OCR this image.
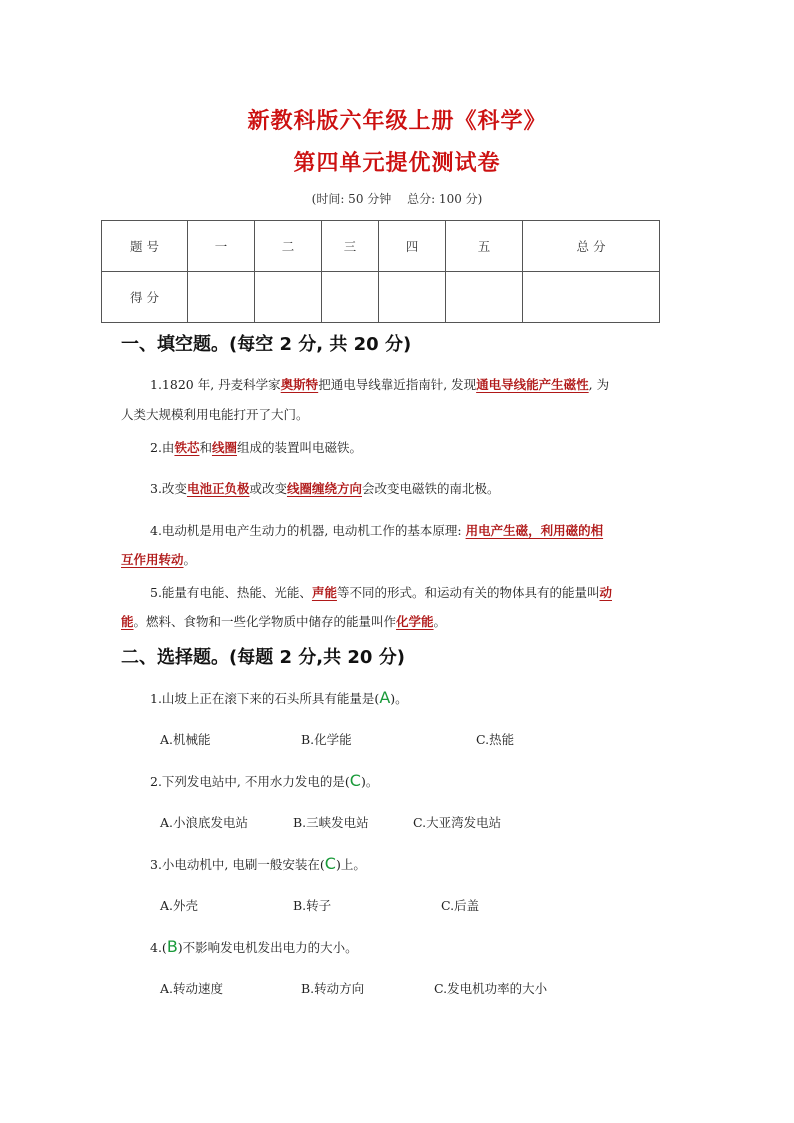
新教科版六年级上册《科学》
第四单元提优测试卷
(时间: 50 分钟　 总分: 100 分)
题 号	一	二	三	四	五	总 分
得 分						
一、填空题。(每空 2 分, 共 20 分)
1.1820 年, 丹麦科学家奥斯特把通电导线靠近指南针, 发现通电导线能产生磁性, 为
人类大规模利用电能打开了大门。
2.由铁芯和线圈组成的装置叫电磁铁。
3.改变电池正负极或改变线圈缠绕方向会改变电磁铁的南北极。
4.电动机是用电产生动力的机器, 电动机工作的基本原理: 用电产生磁，利用磁的相
互作用转动。
5.能量有电能、热能、光能、声能等不同的形式。和运动有关的物体具有的能量叫动
能。燃料、食物和一些化学物质中储存的能量叫作化学能。
二、选择题。(每题 2 分,共 20 分)
1.山坡上正在滚下来的石头所具有能量是(A)。
A.机械能	B.化学能	C.热能
2.下列发电站中, 不用水力发电的是(C)。
A.小浪底发电站	B.三峡发电站	C.大亚湾发电站
3.小电动机中, 电刷一般安装在(C)上。
A.外壳	B.转子	C.后盖
4.(B)不影响发电机发出电力的大小。
A.转动速度	B.转动方向	C.发电机功率的大小
